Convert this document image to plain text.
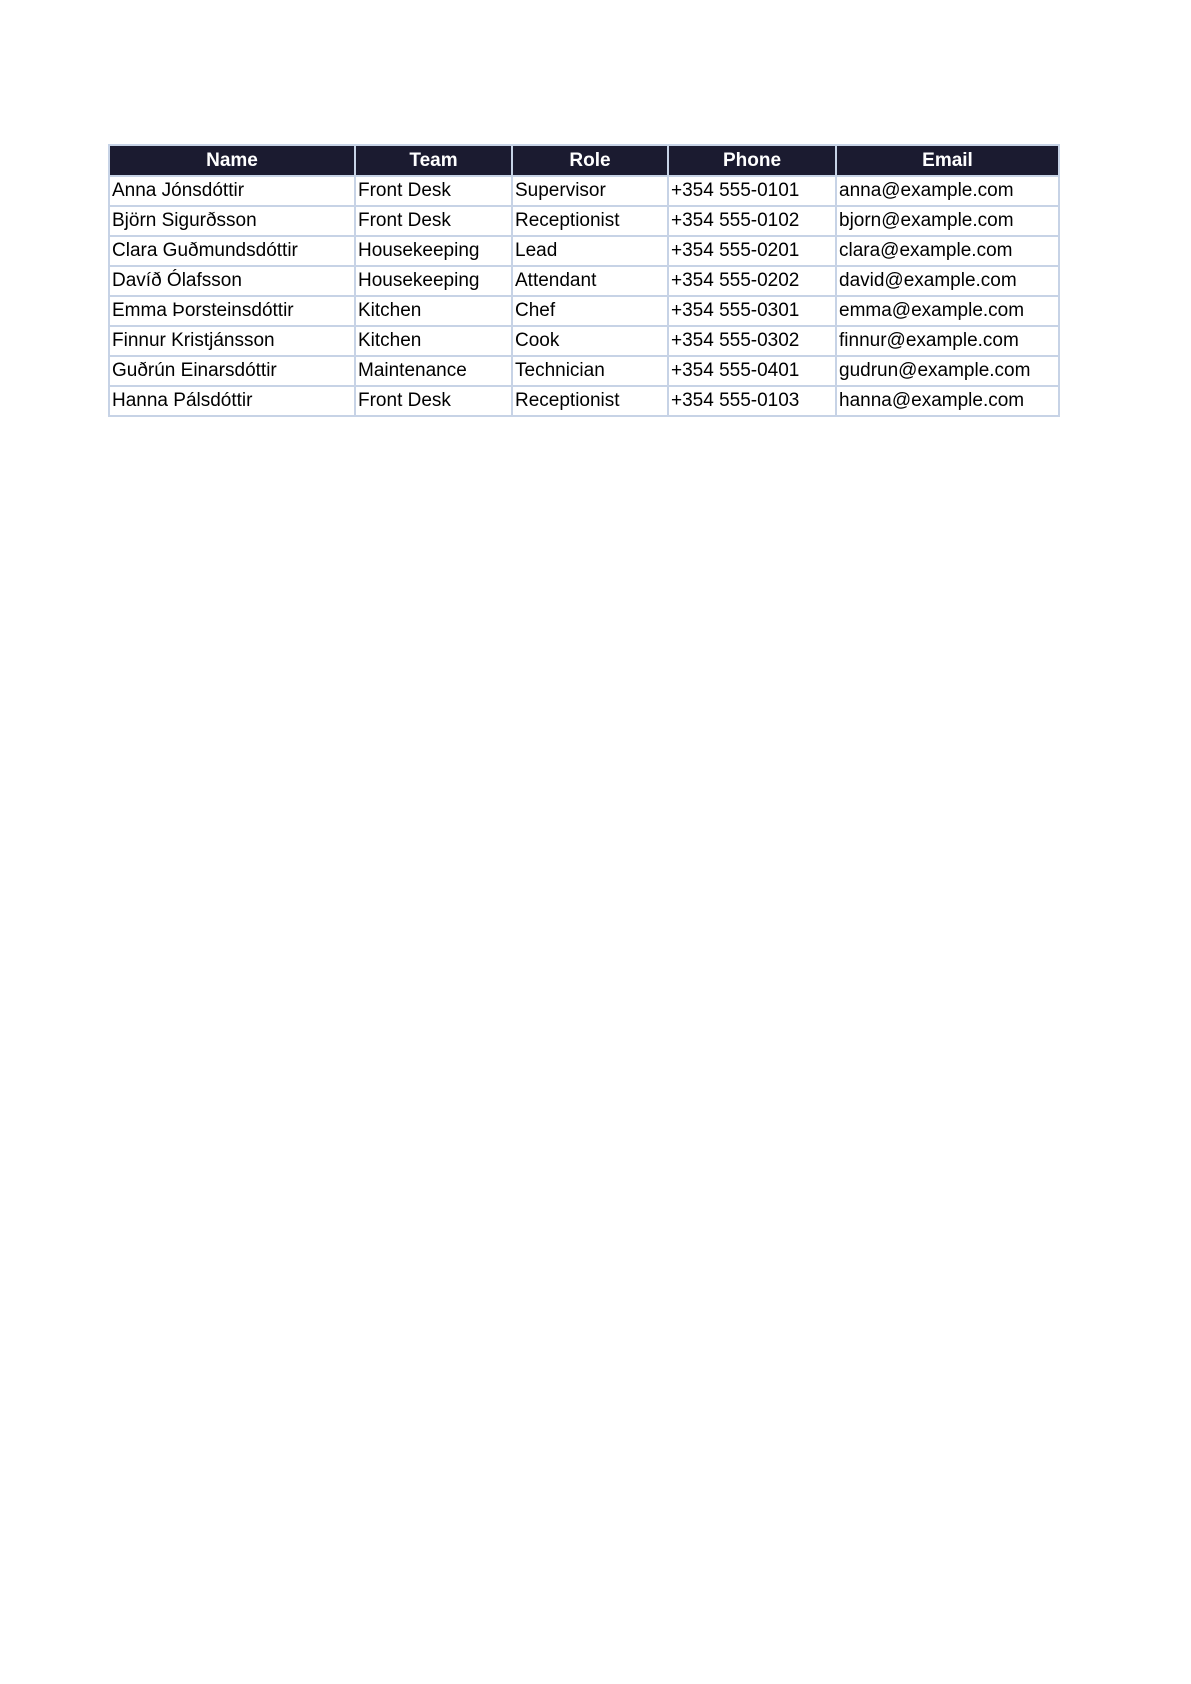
Name	Team	Role	Phone	Email
Anna Jónsdóttir	Front Desk	Supervisor	+354 555-0101	anna@example.com
Björn Sigurðsson	Front Desk	Receptionist	+354 555-0102	bjorn@example.com
Clara Guðmundsdóttir	Housekeeping	Lead	+354 555-0201	clara@example.com
Davíð Ólafsson	Housekeeping	Attendant	+354 555-0202	david@example.com
Emma Þorsteinsdóttir	Kitchen	Chef	+354 555-0301	emma@example.com
Finnur Kristjánsson	Kitchen	Cook	+354 555-0302	finnur@example.com
Guðrún Einarsdóttir	Maintenance	Technician	+354 555-0401	gudrun@example.com
Hanna Pálsdóttir	Front Desk	Receptionist	+354 555-0103	hanna@example.com
